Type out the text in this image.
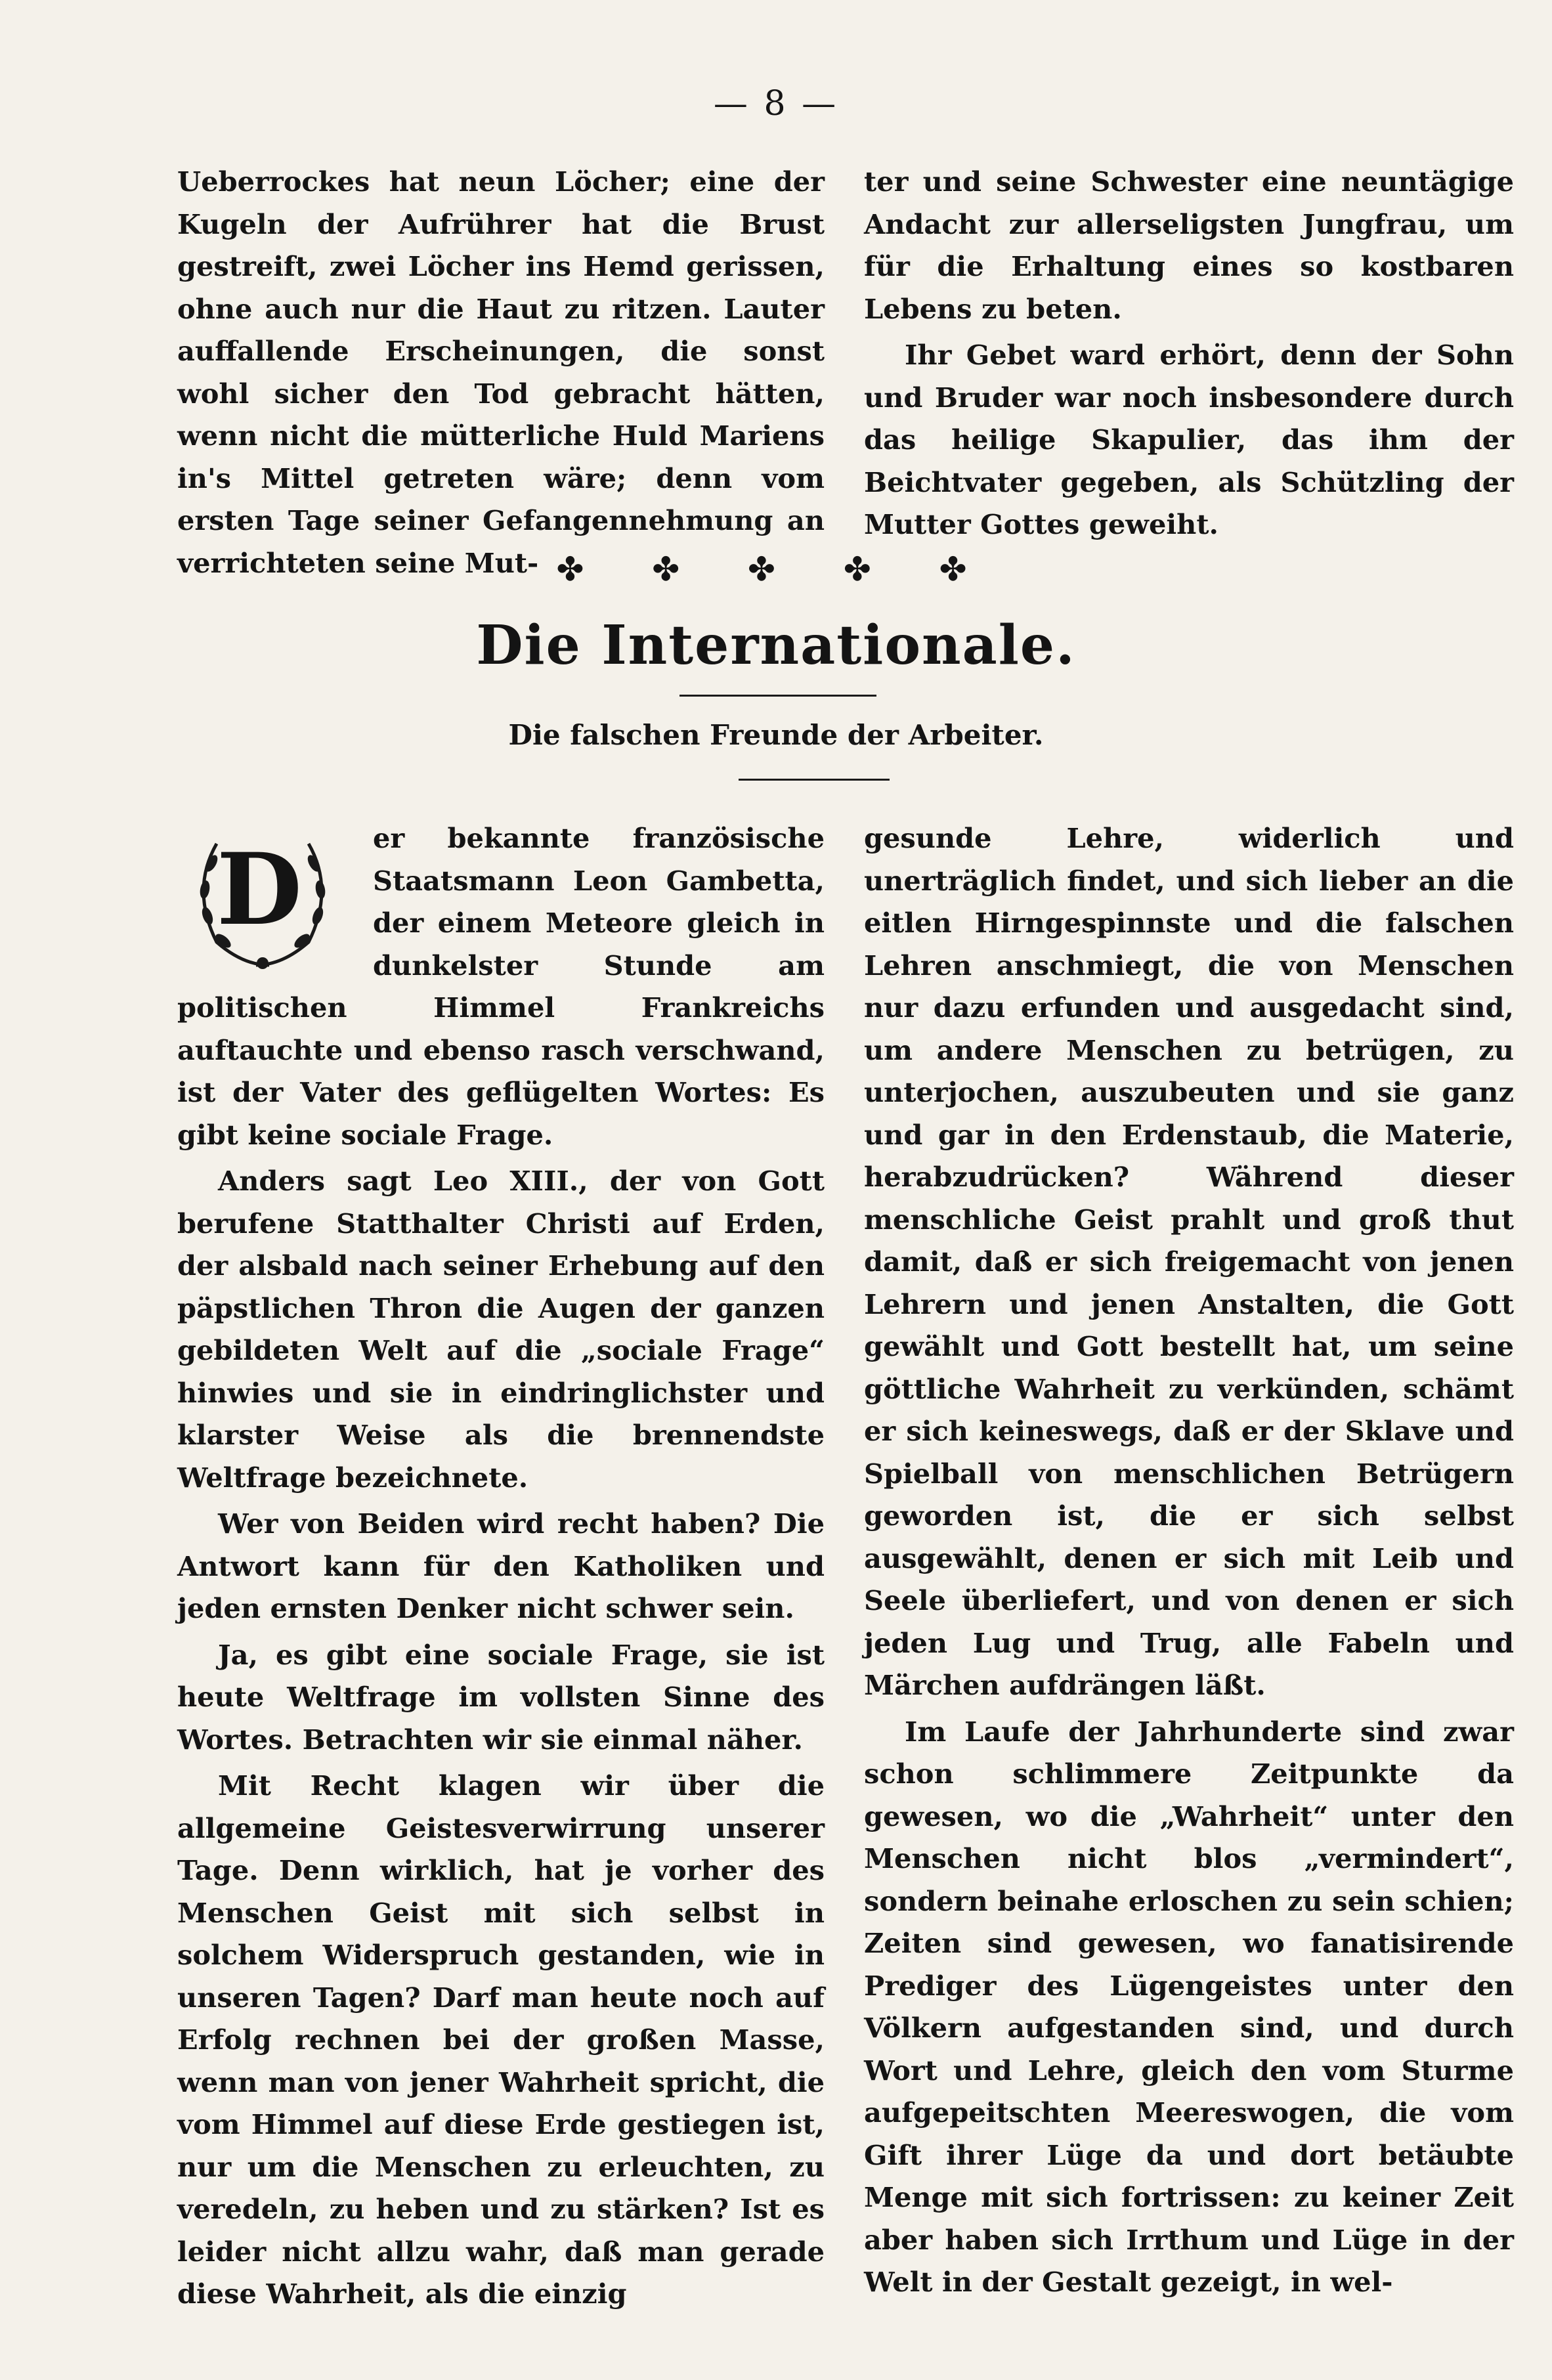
— 8 —

Ueberrockes hat neun Löcher; eine der Kugeln der Aufrührer hat die Brust gestreift, zwei Löcher ins Hemd gerissen, ohne auch nur die Haut zu ritzen. Lauter auffallende Erscheinungen, die sonst wohl sicher den Tod gebracht hätten, wenn nicht die mütterliche Huld Mariens in's Mittel getreten wäre; denn vom ersten Tage seiner Gefangennehmung an verrichteten seine Mut-

ter und seine Schwester eine neuntägige Andacht zur allerseligsten Jungfrau, um für die Erhaltung eines so kostbaren Lebens zu beten.

Ihr Gebet ward erhört, denn der Sohn und Bruder war noch insbesondere durch das heilige Skapulier, das ihm der Beichtvater gegeben, als Schützling der Mutter Gottes geweiht.

✤ ✤ ✤ ✤ ✤
Die Internationale.
Die falschen Freunde der Arbeiter.
D	er bekannte französische Staatsmann Leon Gambetta, der einem Meteore gleich in dunkelster Stunde am politischen Himmel Frankreichs auftauchte und ebenso rasch verschwand, ist der Vater des geflügelten Wortes: Es gibt keine sociale Frage.

Anders sagt Leo XIII., der von Gott berufene Statthalter Christi auf Erden, der alsbald nach seiner Erhebung auf den päpstlichen Thron die Augen der ganzen gebildeten Welt auf die „sociale Frage“ hinwies und sie in eindringlichster und klarster Weise als die brennendste Weltfrage bezeichnete.

Wer von Beiden wird recht haben? Die Antwort kann für den Katholiken und jeden ernsten Denker nicht schwer sein.

Ja, es gibt eine sociale Frage, sie ist heute Weltfrage im vollsten Sinne des Wortes. Betrachten wir sie einmal näher.

Mit Recht klagen wir über die allgemeine Geistesverwirrung unserer Tage. Denn wirklich, hat je vorher des Menschen Geist mit sich selbst in solchem Widerspruch gestanden, wie in unseren Tagen? Darf man heute noch auf Erfolg rechnen bei der großen Masse, wenn man von jener Wahrheit spricht, die vom Himmel auf diese Erde gestiegen ist, nur um die Menschen zu erleuchten, zu veredeln, zu heben und zu stärken? Ist es leider nicht allzu wahr, daß man gerade diese Wahrheit, als die einzig

gesunde Lehre, widerlich und unerträglich findet, und sich lieber an die eitlen Hirngespinnste und die falschen Lehren anschmiegt, die von Menschen nur dazu erfunden und ausgedacht sind, um andere Menschen zu betrügen, zu unterjochen, auszubeuten und sie ganz und gar in den Erdenstaub, die Materie, herabzudrücken? Während dieser menschliche Geist prahlt und groß thut damit, daß er sich freigemacht von jenen Lehrern und jenen Anstalten, die Gott gewählt und Gott bestellt hat, um seine göttliche Wahrheit zu verkünden, schämt er sich keineswegs, daß er der Sklave und Spielball von menschlichen Betrügern geworden ist, die er sich selbst ausgewählt, denen er sich mit Leib und Seele überliefert, und von denen er sich jeden Lug und Trug, alle Fabeln und Märchen aufdrängen läßt.

Im Laufe der Jahrhunderte sind zwar schon schlimmere Zeitpunkte da gewesen, wo die „Wahrheit“ unter den Menschen nicht blos „vermindert“, sondern beinahe erloschen zu sein schien; Zeiten sind gewesen, wo fanatisirende Prediger des Lügengeistes unter den Völkern aufgestanden sind, und durch Wort und Lehre, gleich den vom Sturme aufgepeitschten Meereswogen, die vom Gift ihrer Lüge da und dort betäubte Menge mit sich fortrissen: zu keiner Zeit aber haben sich Irrthum und Lüge in der Welt in der Gestalt gezeigt, in wel-
